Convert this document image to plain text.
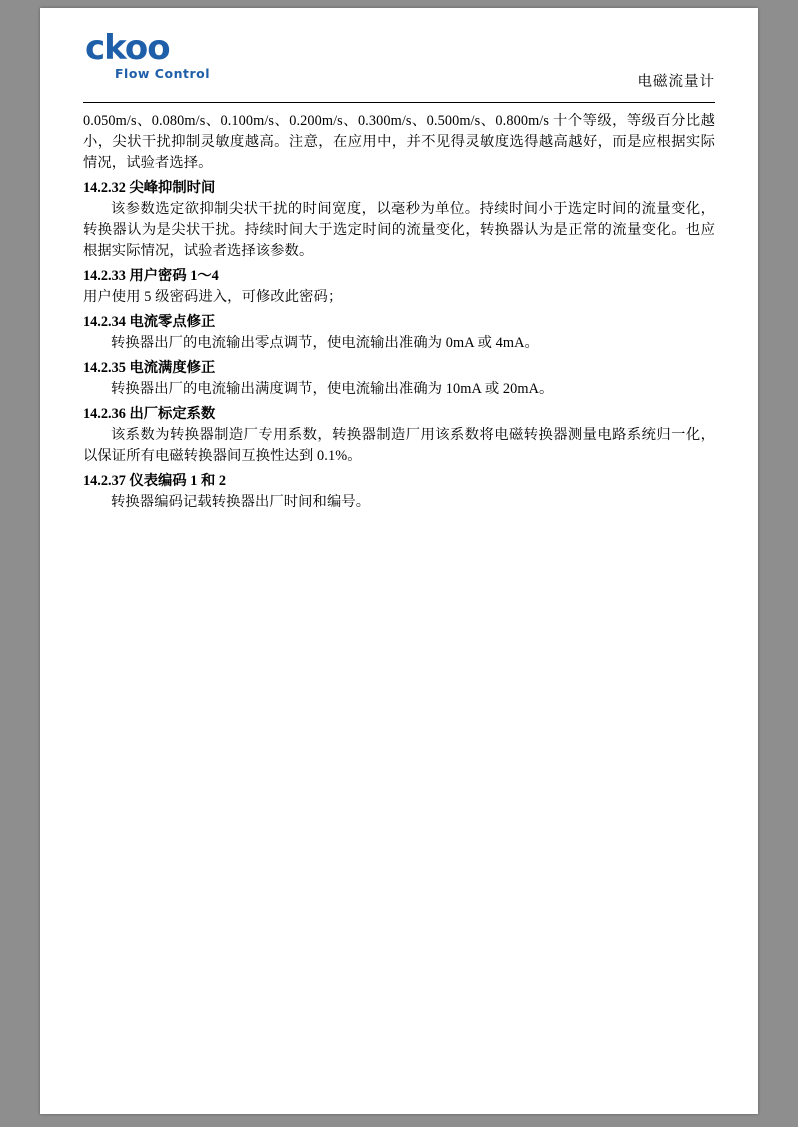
ckoo
Flow Control
电磁流量计
0.050m/s、0.080m/s、0.100m/s、0.200m/s、0.300m/s、0.500m/s、0.800m/s 十个等级，等级百分比越小，尖状干扰抑制灵敏度越高。注意，在应用中，并不见得灵敏度选得越高越好，而是应根据实际情况，试验者选择。
14.2.32 尖峰抑制时间
该参数选定欲抑制尖状干扰的时间宽度，以毫秒为单位。持续时间小于选定时间的流量变化，转换器认为是尖状干扰。持续时间大于选定时间的流量变化，转换器认为是正常的流量变化。也应根据实际情况，试验者选择该参数。
14.2.33 用户密码 1～4
用户使用 5 级密码进入，可修改此密码；
14.2.34 电流零点修正
转换器出厂的电流输出零点调节，使电流输出准确为 0mA 或 4mA。
14.2.35 电流满度修正
转换器出厂的电流输出满度调节，使电流输出准确为 10mA 或 20mA。
14.2.36 出厂标定系数
该系数为转换器制造厂专用系数，转换器制造厂用该系数将电磁转换器测量电路系统归一化，以保证所有电磁转换器间互换性达到 0.1%。
14.2.37 仪表编码 1 和 2
转换器编码记载转换器出厂时间和编号。
